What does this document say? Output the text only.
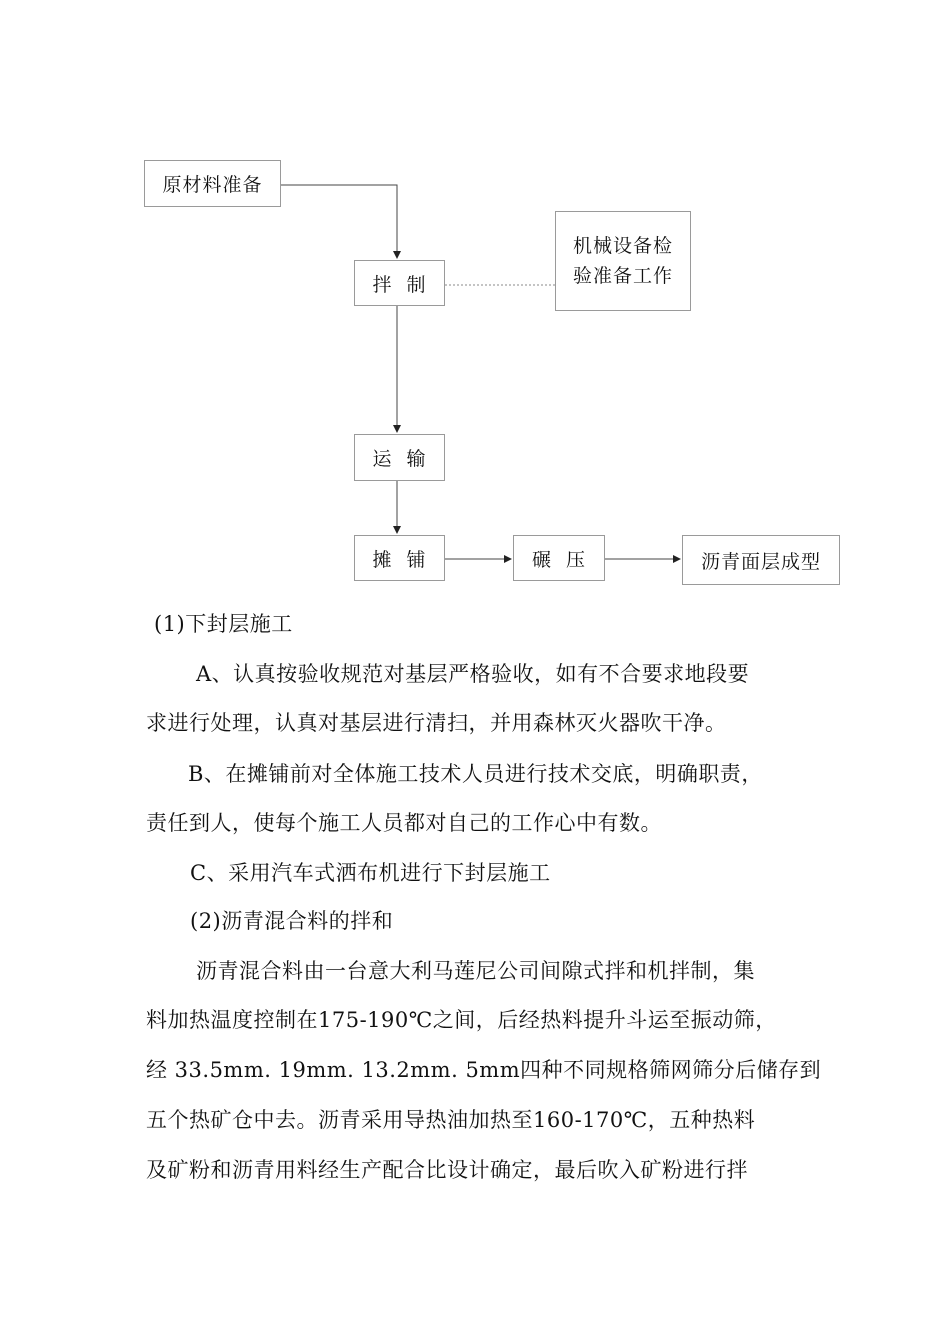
原材料准备
拌  制
机械设备检
验准备工作
运  输
摊  铺	碾  压	沥青面层成型
(1)下封层施工
A、认真按验收规范对基层严格验收，如有不合要求地段要
求进行处理，认真对基层进行清扫，并用森林灭火器吹干净。
B、在摊铺前对全体施工技术人员进行技术交底，明确职责，
责任到人，使每个施工人员都对自己的工作心中有数。
C、采用汽车式洒布机进行下封层施工
(2)沥青混合料的拌和
沥青混合料由一台意大利马莲尼公司间隙式拌和机拌制，集
料加热温度控制在175-190℃之间，后经热料提升斗运至振动筛，
经 33.5mm. 19mm. 13.2mm. 5mm四种不同规格筛网筛分后储存到
五个热矿仓中去。沥青采用导热油加热至160-170℃，五种热料
及矿粉和沥青用料经生产配合比设计确定，最后吹入矿粉进行拌
